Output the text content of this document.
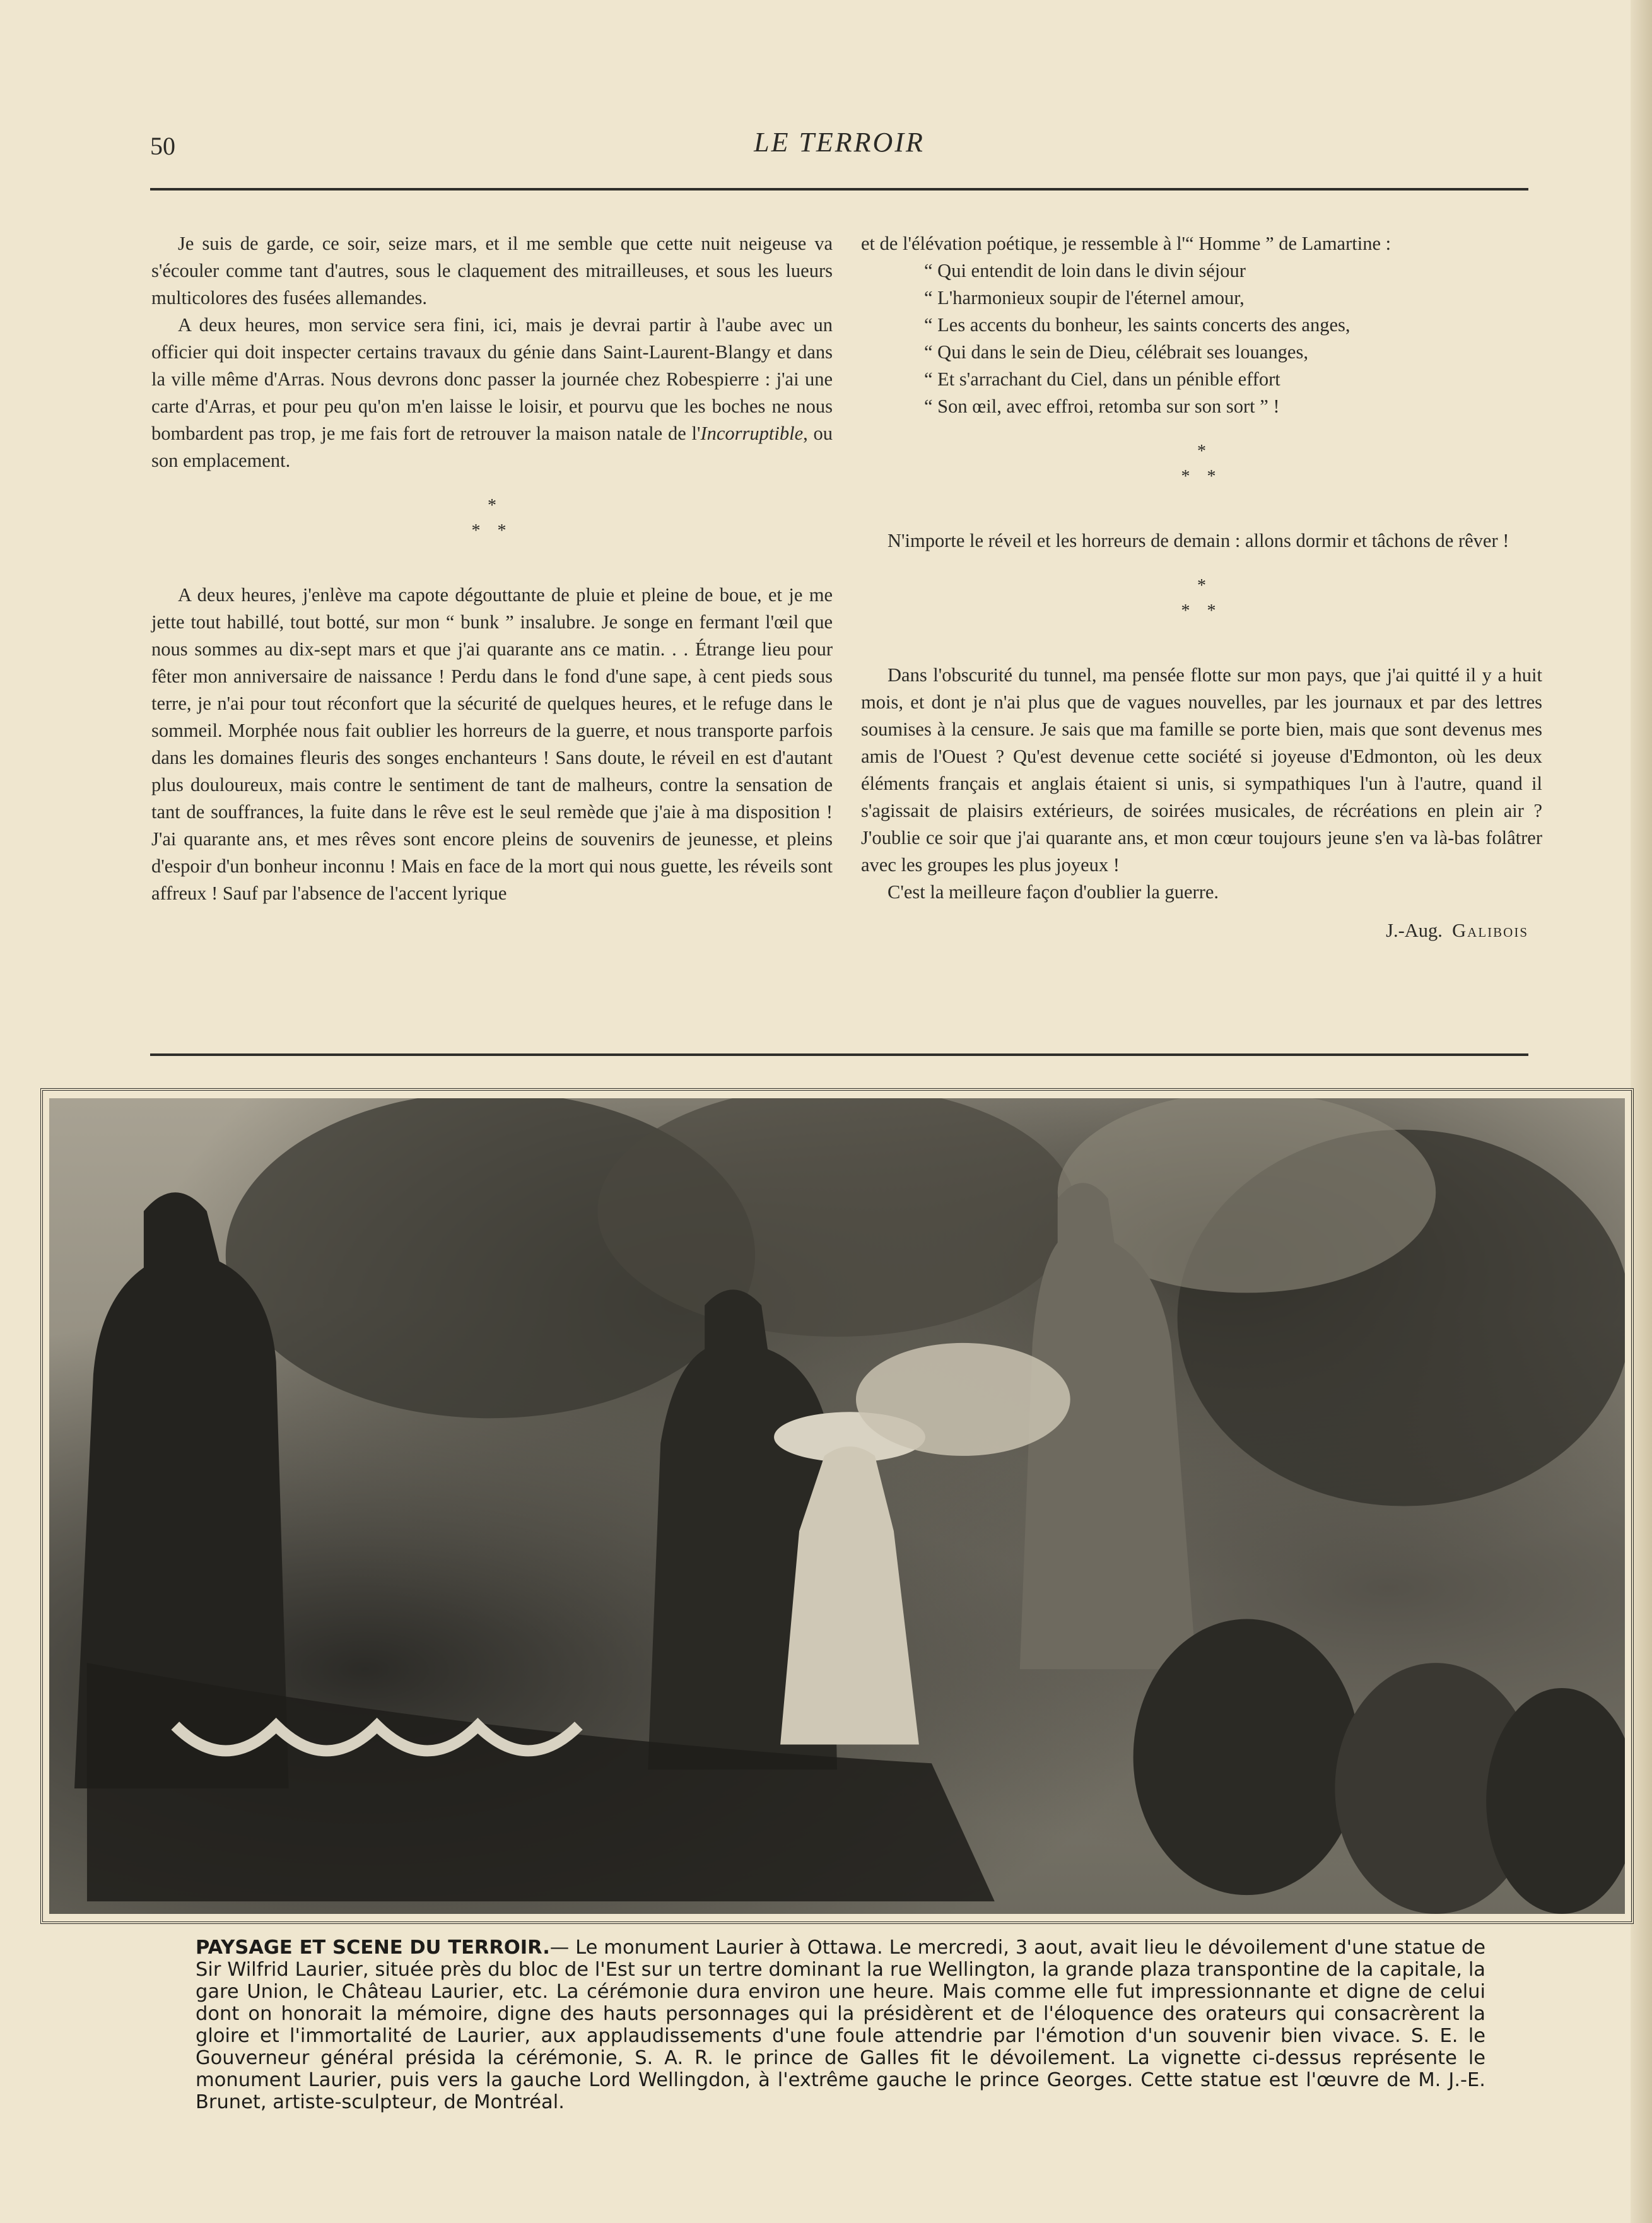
50	LE TERROIR

Je suis de garde, ce soir, seize mars, et il me semble que cette nuit neigeuse va s'écouler comme tant d'autres, sous le claquement des mitrailleuses, et sous les lueurs multicolores des fusées allemandes.

A deux heures, mon service sera fini, ici, mais je devrai partir à l'aube avec un officier qui doit inspecter certains travaux du génie dans Saint-Laurent-Blangy et dans la ville même d'Arras. Nous devrons donc passer la journée chez Robespierre : j'ai une carte d'Arras, et pour peu qu'on m'en laisse le loisir, et pourvu que les boches ne nous bombardent pas trop, je me fais fort de retrouver la maison natale de l'Incorruptible, ou son emplacement.

*
* *

A deux heures, j'enlève ma capote dégouttante de pluie et pleine de boue, et je me jette tout habillé, tout botté, sur mon “ bunk ” insalubre. Je songe en fermant l'œil que nous sommes au dix-sept mars et que j'ai quarante ans ce matin. . . Étrange lieu pour fêter mon anniversaire de naissance ! Perdu dans le fond d'une sape, à cent pieds sous terre, je n'ai pour tout réconfort que la sécurité de quelques heures, et le refuge dans le sommeil. Morphée nous fait oublier les horreurs de la guerre, et nous transporte parfois dans les domaines fleuris des songes enchanteurs ! Sans doute, le réveil en est d'autant plus douloureux, mais contre le sentiment de tant de malheurs, contre la sensation de tant de souffrances, la fuite dans le rêve est le seul remède que j'aie à ma disposition ! J'ai quarante ans, et mes rêves sont encore pleins de souvenirs de jeunesse, et pleins d'espoir d'un bonheur inconnu ! Mais en face de la mort qui nous guette, les réveils sont affreux ! Sauf par l'absence de l'accent lyrique

et de l'élévation poétique, je ressemble à l'“ Homme ” de Lamartine :

“ Qui entendit de loin dans le divin séjour
“ L'harmonieux soupir de l'éternel amour,
“ Les accents du bonheur, les saints concerts des anges,
“ Qui dans le sein de Dieu, célébrait ses louanges,
“ Et s'arrachant du Ciel, dans un pénible effort
“ Son œil, avec effroi, retomba sur son sort ” !
*
* *

N'importe le réveil et les horreurs de demain : allons dormir et tâchons de rêver !

*
* *

Dans l'obscurité du tunnel, ma pensée flotte sur mon pays, que j'ai quitté il y a huit mois, et dont je n'ai plus que de vagues nouvelles, par les journaux et par des lettres soumises à la censure. Je sais que ma famille se porte bien, mais que sont devenus mes amis de l'Ouest ? Qu'est devenue cette société si joyeuse d'Edmonton, où les deux éléments français et anglais étaient si unis, si sympathiques l'un à l'autre, quand il s'agissait de plaisirs extérieurs, de soirées musicales, de récréations en plein air ? J'oublie ce soir que j'ai quarante ans, et mon cœur toujours jeune s'en va là-bas folâtrer avec les groupes les plus joyeux !

C'est la meilleure façon d'oublier la guerre.

J.-Aug. Galibois
PAYSAGE ET SCENE DU TERROIR.— Le monument Laurier à Ottawa. Le mercredi, 3 aout, avait lieu le dévoilement d'une statue de Sir Wilfrid Laurier, située près du bloc de l'Est sur un tertre dominant la rue Wellington, la grande plaza transpontine de la capitale, la gare Union, le Château Laurier, etc. La cérémonie dura environ une heure. Mais comme elle fut impressionnante et digne de celui dont on honorait la mémoire, digne des hauts personnages qui la présidèrent et de l'éloquence des orateurs qui consacrèrent la gloire et l'immortalité de Laurier, aux applaudissements d'une foule attendrie par l'émotion d'un souvenir bien vivace. S. E. le Gouverneur général présida la cérémonie, S. A. R. le prince de Galles fit le dévoilement. La vignette ci-dessus représente le monument Laurier, puis vers la gauche Lord Wellingdon, à l'extrême gauche le prince Georges. Cette statue est l'œuvre de M. J.-E. Brunet, artiste-sculpteur, de Montréal.
